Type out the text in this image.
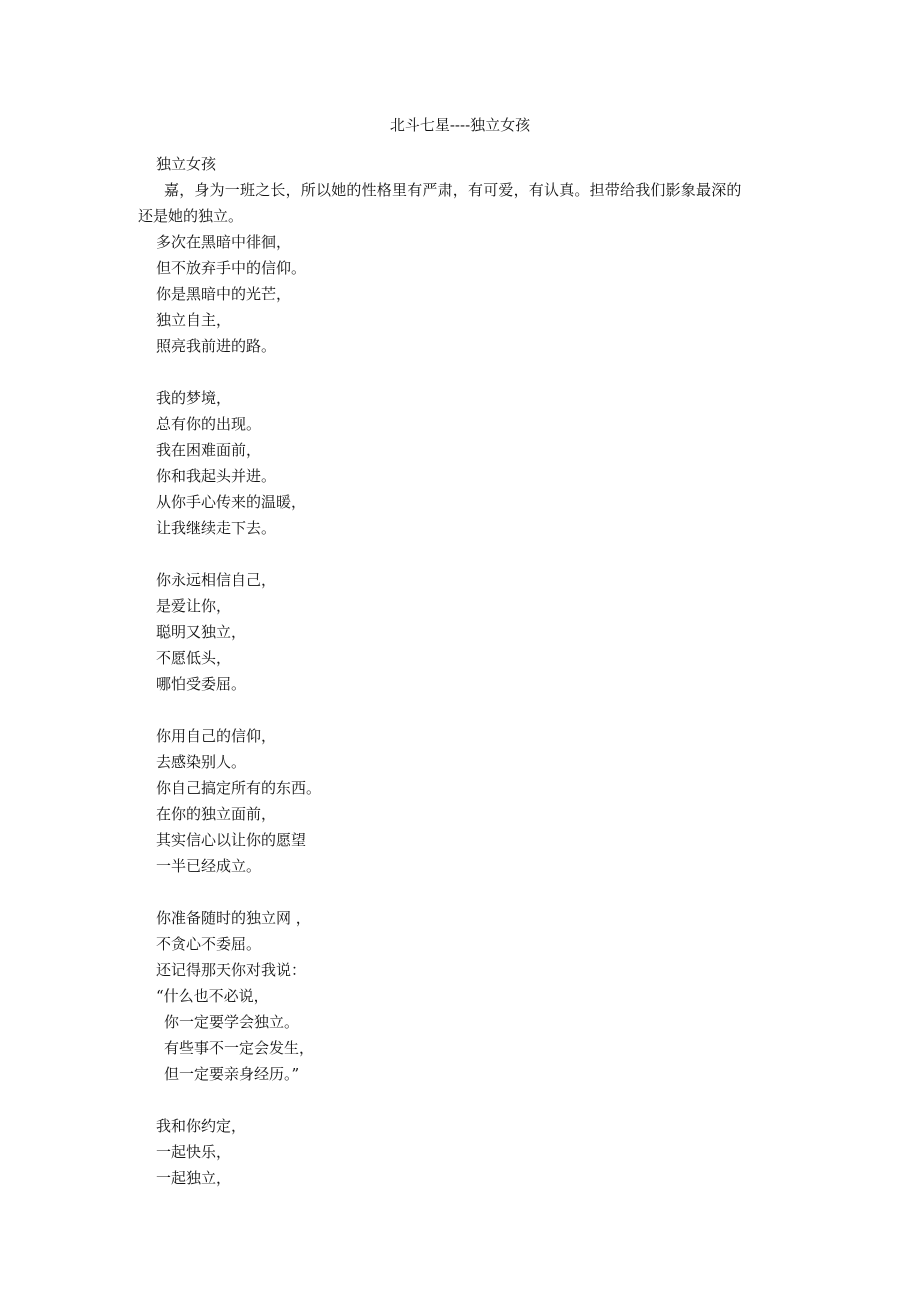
北斗七星----独立女孩
独立女孩
嘉，身为一班之长，所以她的性格里有严肃，有可爱，有认真。担带给我们影象最深的
还是她的独立。
多次在黑暗中徘徊，
但不放弃手中的信仰。
你是黑暗中的光芒，
独立自主，
照亮我前进的路。
我的梦境，
总有你的出现。
我在困难面前，
你和我起头并进。
从你手心传来的温暖，
让我继续走下去。
你永远相信自己，
是爱让你，
聪明又独立，
不愿低头，
哪怕受委屈。
你用自己的信仰，
去感染别人。
你自己搞定所有的东西。
在你的独立面前，
其实信心以让你的愿望
一半已经成立。
你准备随时的独立网 ，
不贪心不委屈。
还记得那天你对我说：
“什么也不必说，
你一定要学会独立。
有些事不一定会发生，
但一定要亲身经历。”
我和你约定，
一起快乐，
一起独立，
